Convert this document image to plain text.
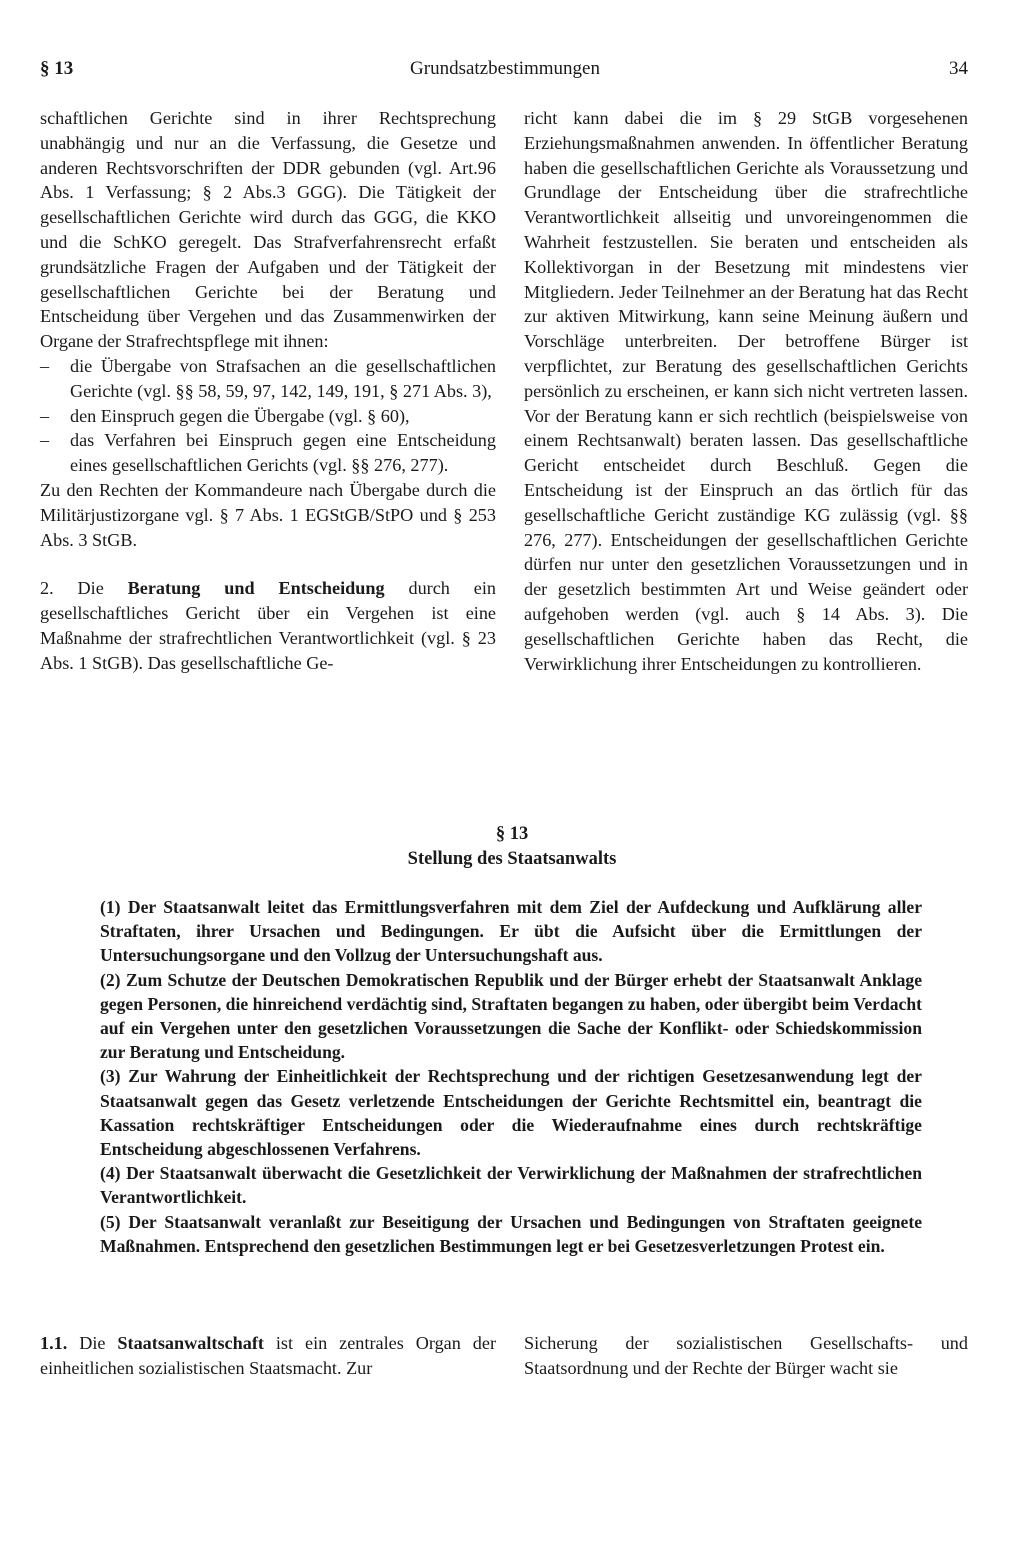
§ 13	Grundsatzbestimmungen	34

schaftlichen Gerichte sind in ihrer Rechtsprechung unabhängig und nur an die Verfassung, die Gesetze und anderen Rechtsvorschriften der DDR gebunden (vgl. Art.96 Abs. 1 Verfassung; § 2 Abs.3 GGG). Die Tätigkeit der gesellschaftlichen Gerichte wird durch das GGG, die KKO und die SchKO geregelt. Das Strafverfahrensrecht erfaßt grundsätzliche Fragen der Aufgaben und der Tätigkeit der gesellschaftlichen Gerichte bei der Beratung und Entscheidung über Vergehen und das Zusammenwirken der Organe der Strafrechtspflege mit ihnen:

– die Übergabe von Strafsachen an die gesellschaftlichen Gerichte (vgl. §§ 58, 59, 97, 142, 149, 191, § 271 Abs. 3),
– den Einspruch gegen die Übergabe (vgl. § 60),
– das Verfahren bei Einspruch gegen eine Entscheidung eines gesellschaftlichen Gerichts (vgl. §§ 276, 277).

Zu den Rechten der Kommandeure nach Übergabe durch die Militärjustizorgane vgl. § 7 Abs. 1 EGStGB/StPO und § 253 Abs. 3 StGB.

2. Die Beratung und Entscheidung durch ein gesellschaftliches Gericht über ein Vergehen ist eine Maßnahme der strafrechtlichen Verantwortlichkeit (vgl. § 23 Abs. 1 StGB). Das gesellschaftliche Ge-

richt kann dabei die im § 29 StGB vorgesehenen Erziehungsmaßnahmen anwenden. In öffentlicher Beratung haben die gesellschaftlichen Gerichte als Voraussetzung und Grundlage der Entscheidung über die strafrechtliche Verantwortlichkeit allseitig und unvoreingenommen die Wahrheit festzustellen. Sie beraten und entscheiden als Kollektivorgan in der Besetzung mit mindestens vier Mitgliedern. Jeder Teilnehmer an der Beratung hat das Recht zur aktiven Mitwirkung, kann seine Meinung äußern und Vorschläge unterbreiten. Der betroffene Bürger ist verpflichtet, zur Beratung des gesellschaftlichen Gerichts persönlich zu erscheinen, er kann sich nicht vertreten lassen. Vor der Beratung kann er sich rechtlich (beispielsweise von einem Rechtsanwalt) beraten lassen. Das gesellschaftliche Gericht entscheidet durch Beschluß. Gegen die Entscheidung ist der Einspruch an das örtlich für das gesellschaftliche Gericht zuständige KG zulässig (vgl. §§ 276, 277). Entscheidungen der gesellschaftlichen Gerichte dürfen nur unter den gesetzlichen Voraussetzungen und in der gesetzlich bestimmten Art und Weise geändert oder aufgehoben werden (vgl. auch § 14 Abs. 3). Die gesellschaftlichen Gerichte haben das Recht, die Verwirklichung ihrer Entscheidungen zu kontrollieren.

§ 13
Stellung des Staatsanwalts

(1) Der Staatsanwalt leitet das Ermittlungsverfahren mit dem Ziel der Aufdeckung und Aufklärung aller Straftaten, ihrer Ursachen und Bedingungen. Er übt die Aufsicht über die Ermittlungen der Untersuchungsorgane und den Vollzug der Untersuchungshaft aus.

(2) Zum Schutze der Deutschen Demokratischen Republik und der Bürger erhebt der Staatsanwalt Anklage gegen Personen, die hinreichend verdächtig sind, Straftaten begangen zu haben, oder übergibt beim Verdacht auf ein Vergehen unter den gesetzlichen Voraussetzungen die Sache der Konflikt- oder Schiedskommission zur Beratung und Entscheidung.

(3) Zur Wahrung der Einheitlichkeit der Rechtsprechung und der richtigen Gesetzesanwendung legt der Staatsanwalt gegen das Gesetz verletzende Entscheidungen der Gerichte Rechtsmittel ein, beantragt die Kassation rechtskräftiger Entscheidungen oder die Wiederaufnahme eines durch rechtskräftige Entscheidung abgeschlossenen Verfahrens.

(4) Der Staatsanwalt überwacht die Gesetzlichkeit der Verwirklichung der Maßnahmen der strafrechtlichen Verantwortlichkeit.

(5) Der Staatsanwalt veranlaßt zur Beseitigung der Ursachen und Bedingungen von Straftaten geeignete Maßnahmen. Entsprechend den gesetzlichen Bestimmungen legt er bei Gesetzesverletzungen Protest ein.

1.1. Die Staatsanwaltschaft ist ein zentrales Organ der einheitlichen sozialistischen Staatsmacht. Zur

Sicherung der sozialistischen Gesellschafts- und Staatsordnung und der Rechte der Bürger wacht sie
